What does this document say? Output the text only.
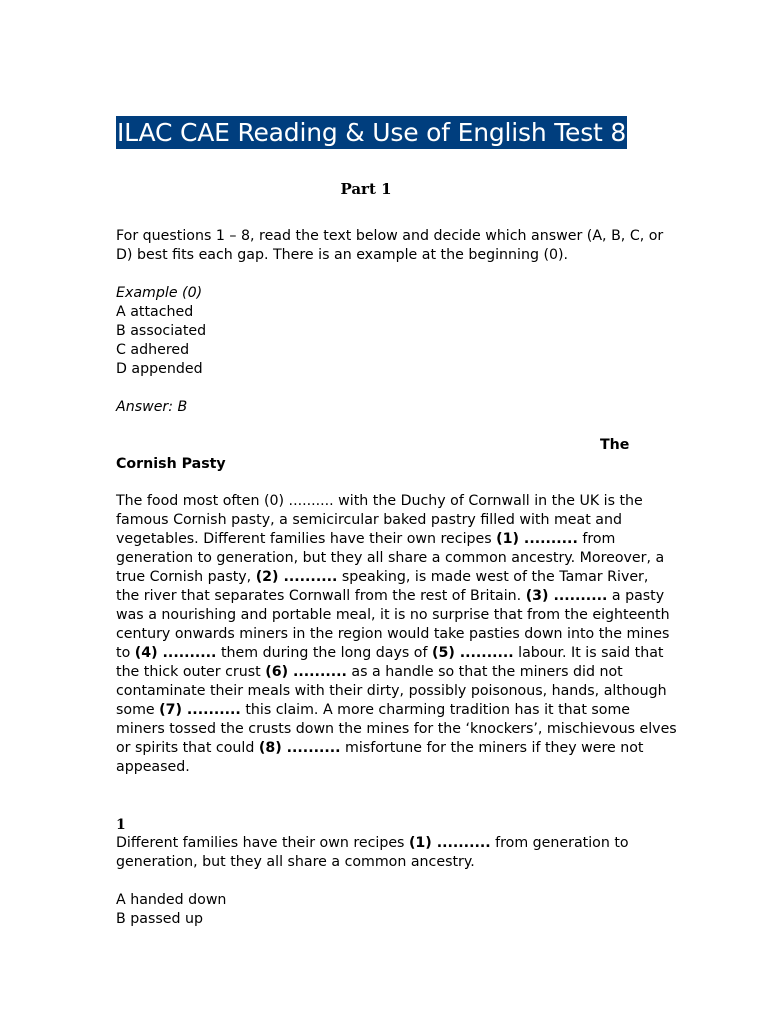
ILAC CAE Reading & Use of English Test 8
Part 1
For questions 1 – 8, read the text below and decide which answer (A, B, C, or
D) best fits each gap. There is an example at the beginning (0).
Example (0)
A attached
B associated
C adhered
D appended
Answer: B
The
Cornish Pasty
The food most often (0) .......... with the Duchy of Cornwall in the UK is the
famous Cornish pasty, a semicircular baked pastry filled with meat and
vegetables. Different families have their own recipes (1) .......... from
generation to generation, but they all share a common ancestry. Moreover, a
true Cornish pasty, (2) .......... speaking, is made west of the Tamar River,
the river that separates Cornwall from the rest of Britain. (3) .......... a pasty
was a nourishing and portable meal, it is no surprise that from the eighteenth
century onwards miners in the region would take pasties down into the mines
to (4) .......... them during the long days of (5) .......... labour. It is said that
the thick outer crust (6) .......... as a handle so that the miners did not
contaminate their meals with their dirty, possibly poisonous, hands, although
some (7) .......... this claim. A more charming tradition has it that some
miners tossed the crusts down the mines for the ‘knockers’, mischievous elves
or spirits that could (8) .......... misfortune for the miners if they were not
appeased.
1
Different families have their own recipes (1) .......... from generation to
generation, but they all share a common ancestry.
A handed down
B passed up
